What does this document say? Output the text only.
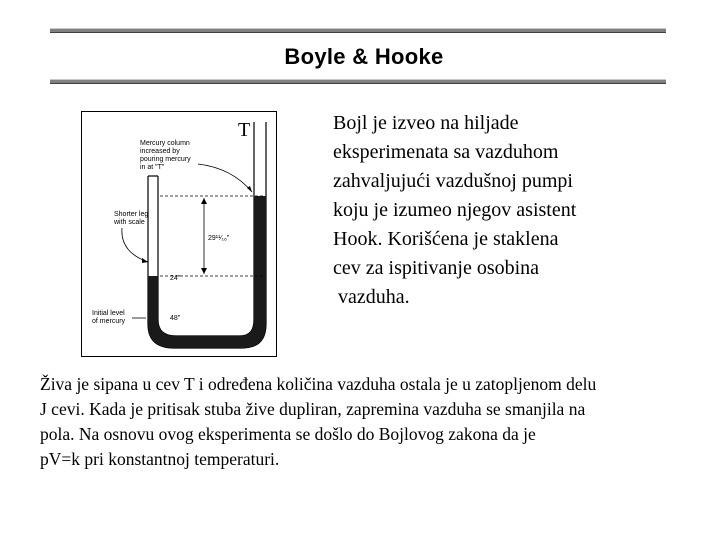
Boyle & Hooke
T
Mercury column
increased by
pouring mercury
in at "T"
Shorter leg
with scale
29¹¹⁄₁₆"
24"
48"
Initial level
of mercury
Bojl je izveo na hiljade
eksperimenata sa vazduhom
zahvaljujući vazdušnoj pumpi
koju je izumeo njegov asistent
Hook. Korišćena je staklena
cev za ispitivanje osobina
vazduha.
Živa je sipana u cev T i određena količina vazduha ostala je u zatopljenom delu
J cevi. Kada je pritisak stuba žive dupliran, zapremina vazduha se smanjila na
pola. Na osnovu ovog eksperimenta se došlo do Bojlovog zakona da je
pV=k pri konstantnoj temperaturi.
